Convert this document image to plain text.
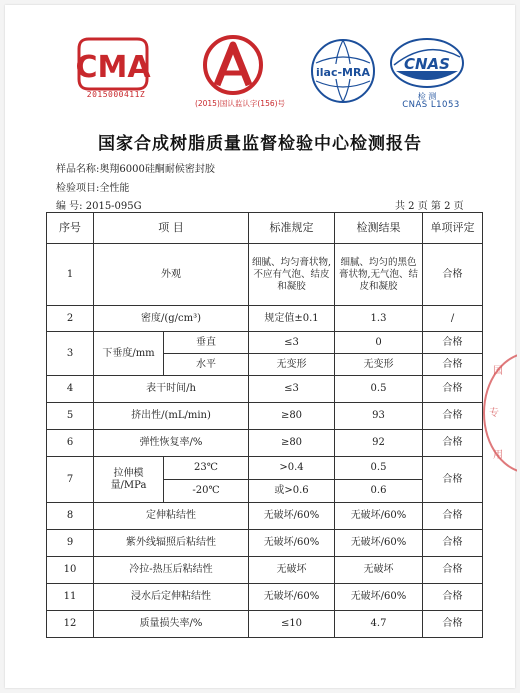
CMA
2015000411Z
(2015)国认监认字(156)号
ilac-MRA CNAS
检 测
CNAS L1053
国家合成树脂质量监督检验中心检测报告
样品名称:奥翔6000硅酮耐候密封胶
检验项目:全性能
编 号: 2015-095G	共 2 页 第 2 页
序号	项 目		标准规定	检测结果	单项评定
1	外观		细腻、均匀膏状物,不应有气泡、结皮和凝胶	细腻、均匀的黑色膏状物,无气泡、结皮和凝胶	合格
2	密度/(g/cm³)		规定值±0.1	1.3	/
3	下垂度/mm	垂直	≤3	0	合格
		水平	无变形	无变形	合格
4	表干时间/h		≤3	0.5	合格
5	挤出性/(mL/min)		≥80	93	合格
6	弹性恢复率/%		≥80	92	合格
7	拉伸模量/MPa	23℃	>0.4	0.5	合格
		-20℃	或>0.6	0.6	
8	定伸粘结性		无破坏/60%	无破坏/60%	合格
9	紫外线辐照后粘结性		无破坏/60%	无破坏/60%	合格
10	冷拉-热压后粘结性		无破坏	无破坏	合格
11	浸水后定伸粘结性		无破坏/60%	无破坏/60%	合格
12	质量损失率/%		≤10	4.7	合格
国
专
用
